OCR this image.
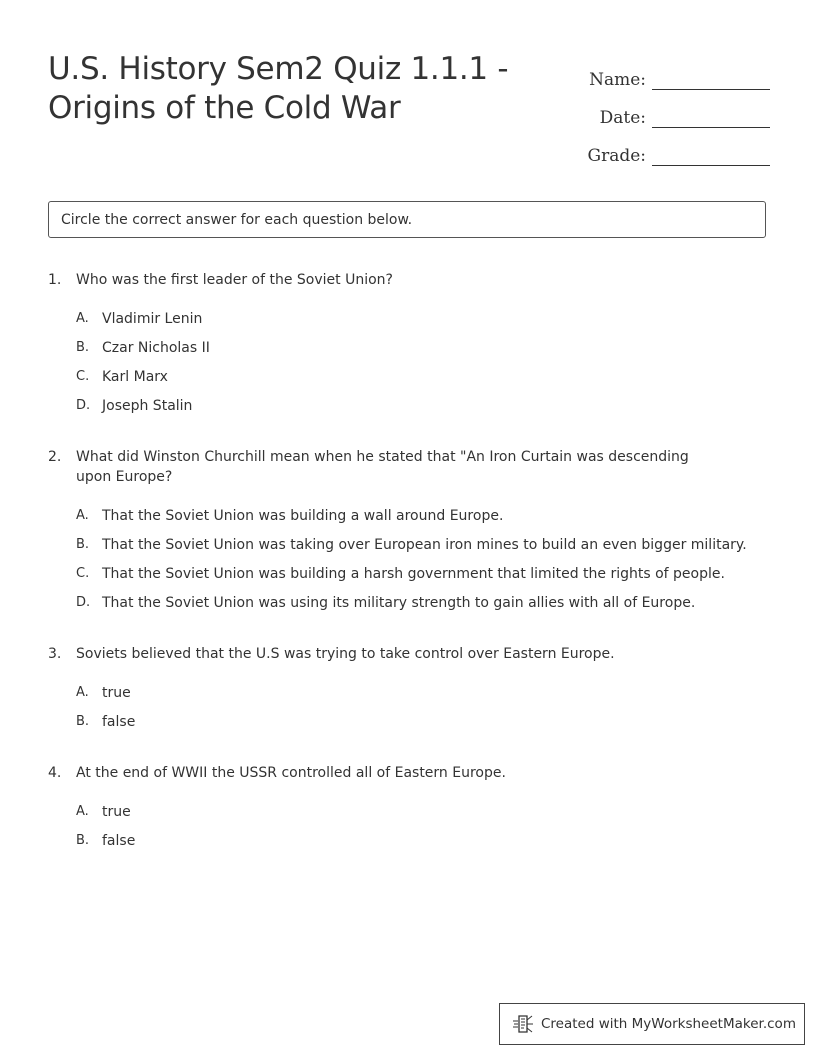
U.S. History Sem2 Quiz 1.1.1 -
Origins of the Cold War
Name:
Date:
Grade:
Circle the correct answer for each question below.
1.	Who was the first leader of the Soviet Union?
A. Vladimir Lenin
B. Czar Nicholas II
C. Karl Marx
D. Joseph Stalin
2.	What did Winston Churchill mean when he stated that "An Iron Curtain was descending upon Europe?
A. That the Soviet Union was building a wall around Europe.
B. That the Soviet Union was taking over European iron mines to build an even bigger military.
C. That the Soviet Union was building a harsh government that limited the rights of people.
D. That the Soviet Union was using its military strength to gain allies with all of Europe.
3.	Soviets believed that the U.S was trying to take control over Eastern Europe.
A. true
B. false
4.	At the end of WWII the USSR controlled all of Eastern Europe.
A. true
B. false
Created with MyWorksheetMaker.com
